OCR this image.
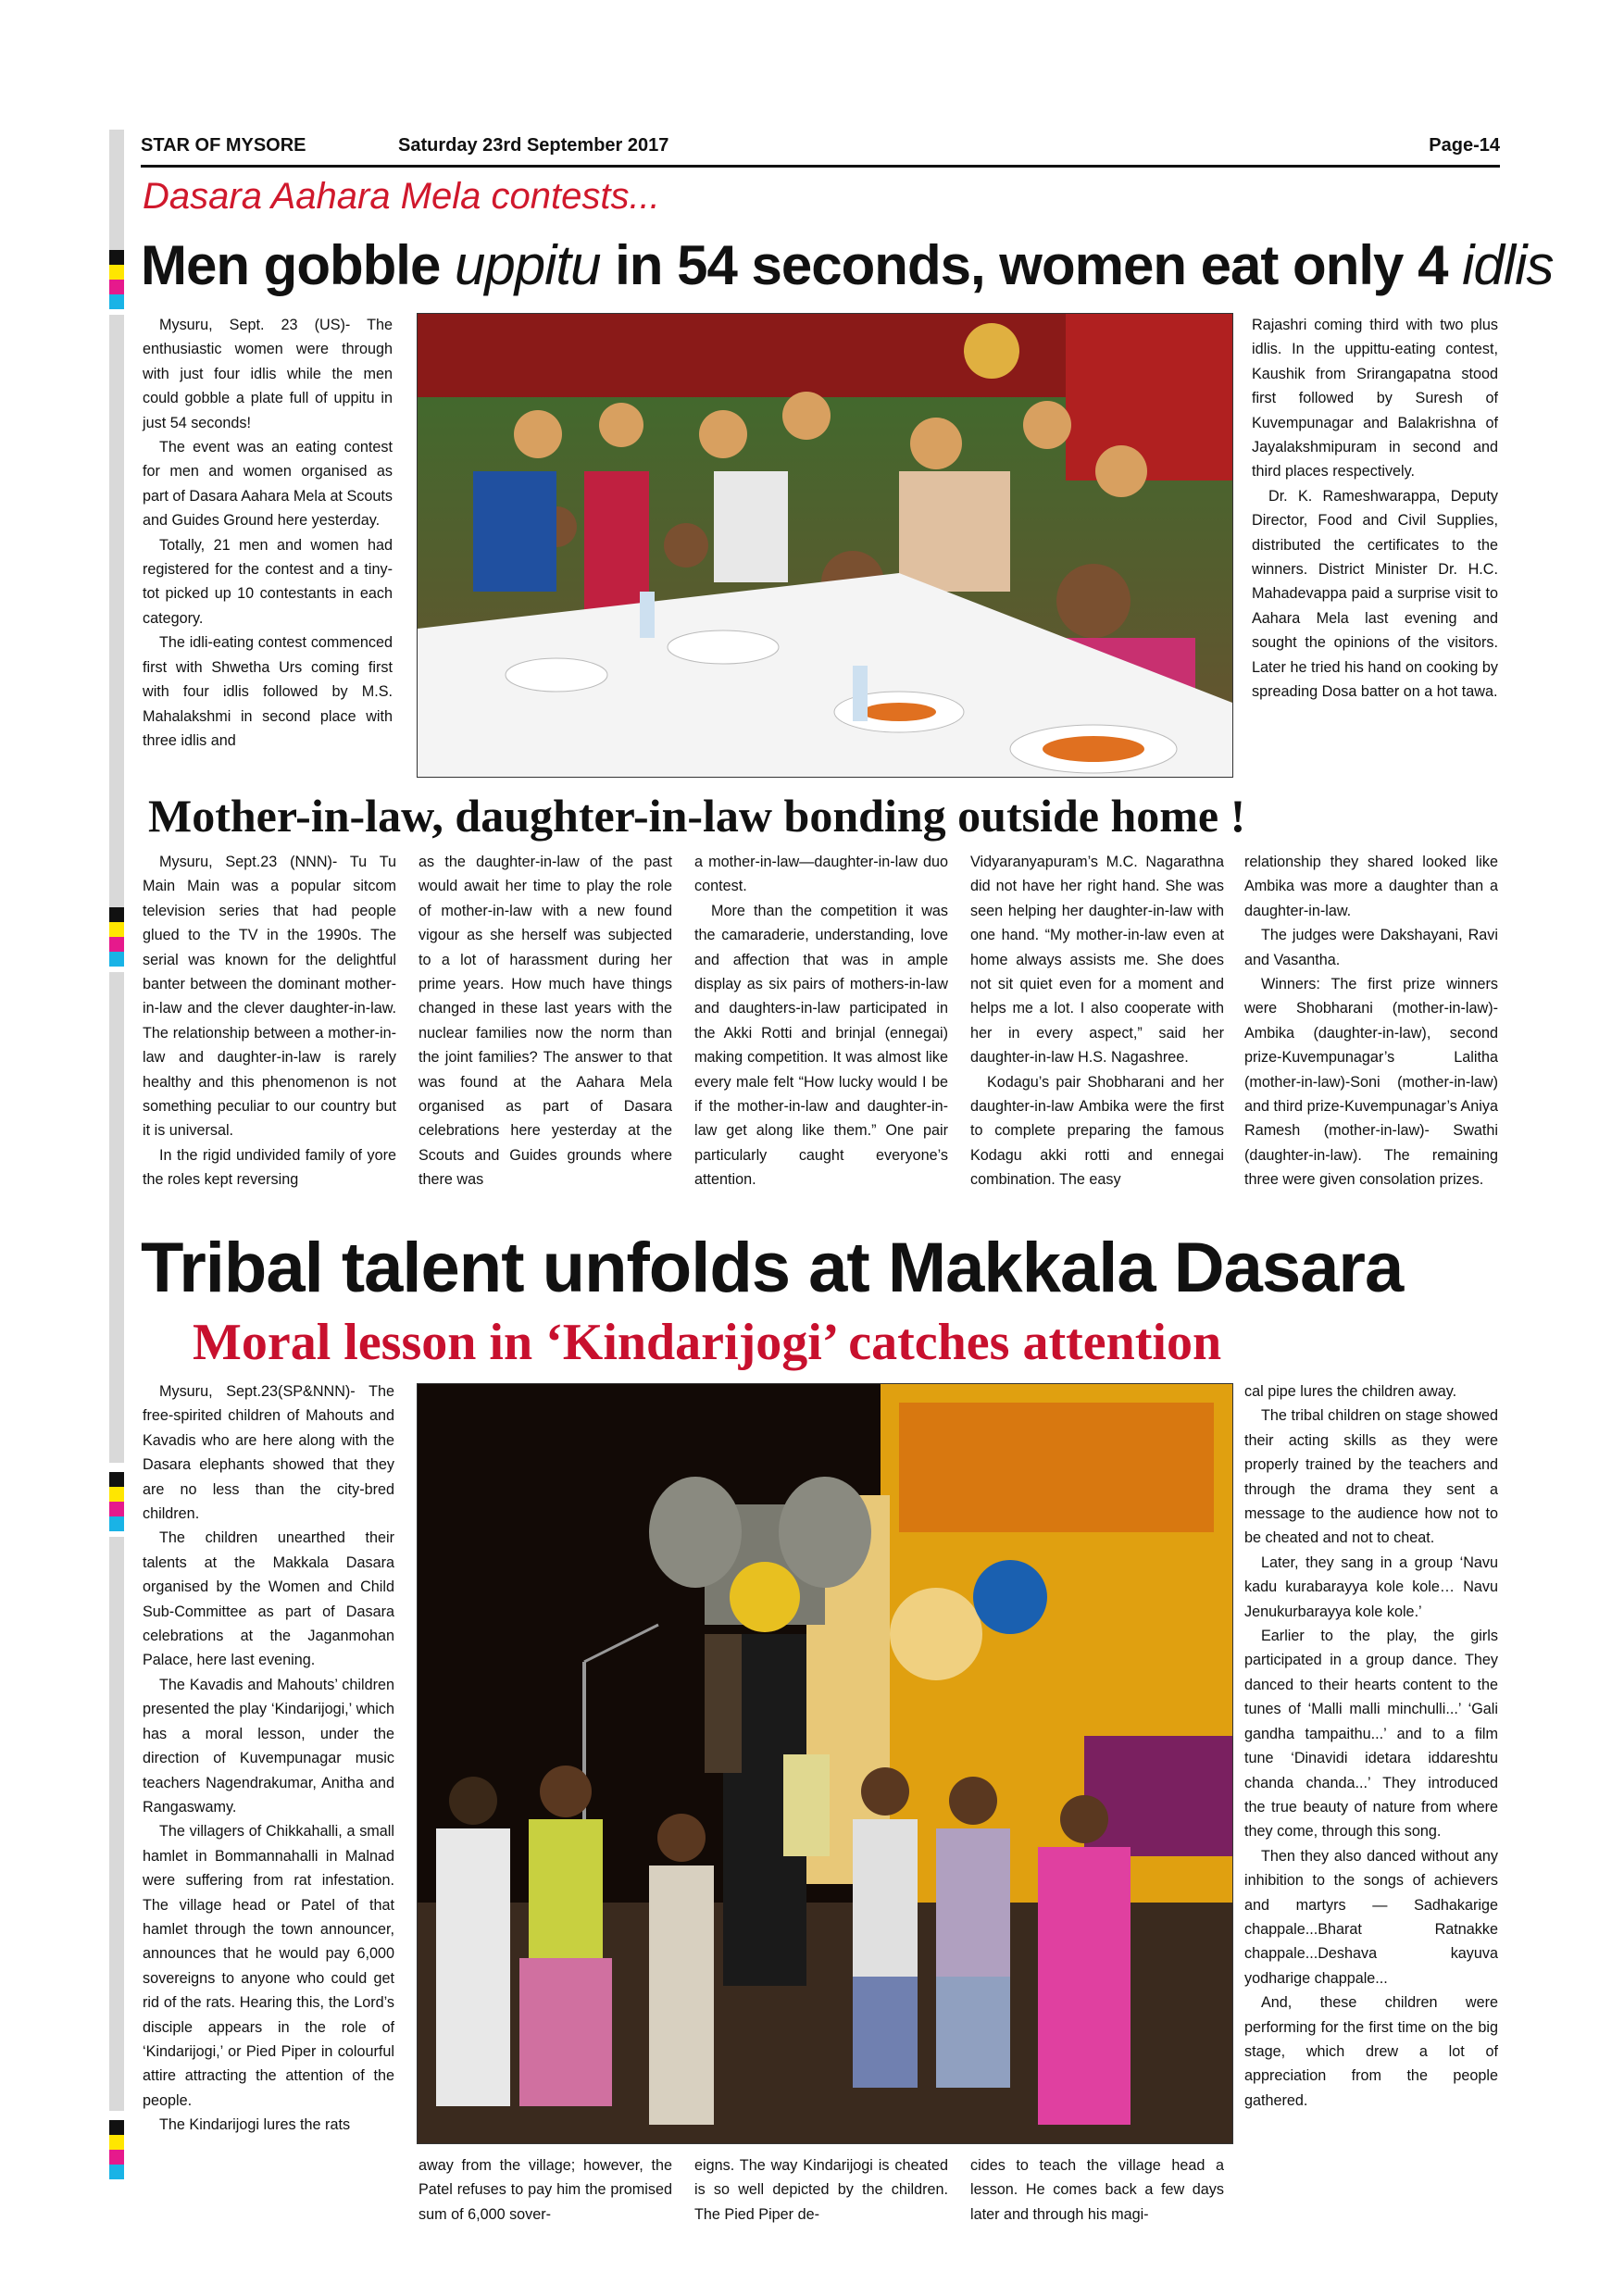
STAR OF MYSORE	Saturday 23rd September 2017	Page-14
Dasara Aahara Mela contests...
Men gobble uppitu in 54 seconds, women eat only 4 idlis

Mysuru, Sept. 23 (US)- The enthusiastic women were through with just four idlis while the men could gobble a plate full of uppitu in just 54 seconds!

The event was an eating contest for men and women organised as part of Dasara Aahara Mela at Scouts and Guides Ground here yesterday.

Totally, 21 men and women had registered for the contest and a tiny-tot picked up 10 contestants in each category.

The idli-eating contest commenced first with Shwetha Urs coming first with four idlis followed by M.S. Mahalakshmi in second place with three idlis and

Rajashri coming third with two plus idlis. In the uppittu-eating contest, Kaushik from Srirangapatna stood first followed by Suresh of Kuvempunagar and Balakrishna of Jayalakshmipuram in second and third places respectively.

Dr. K. Rameshwarappa, Deputy Director, Food and Civil Supplies, distributed the certificates to the winners. District Minister Dr. H.C. Mahadevappa paid a surprise visit to Aahara Mela last evening and sought the opinions of the visitors. Later he tried his hand on cooking by spreading Dosa batter on a hot tawa.

Mother-in-law, daughter-in-law bonding outside home !

Mysuru, Sept.23 (NNN)- Tu Tu Main Main was a popular sitcom television series that had people glued to the TV in the 1990s. The serial was known for the delightful banter between the dominant mother-in-law and the clever daughter-in-law. The relationship between a mother-in-law and daughter-in-law is rarely healthy and this phenomenon is not something peculiar to our country but it is universal.

In the rigid undivided family of yore the roles kept reversing

as the daughter-in-law of the past would await her time to play the role of mother-in-law with a new found vigour as she herself was subjected to a lot of harassment during her prime years. How much have things changed in these last years with the nuclear families now the norm than the joint families? The answer to that was found at the Aahara Mela organised as part of Dasara celebrations here yesterday at the Scouts and Guides grounds where there was

a mother-in-law—daughter-in-law duo contest.

More than the competition it was the camaraderie, understanding, love and affection that was in ample display as six pairs of mothers-in-law and daughters-in-law participated in the Akki Rotti and brinjal (ennegai) making competition. It was almost like every male felt “How lucky would I be if the mother-in-law and daughter-in-law get along like them.” One pair particularly caught everyone’s attention.

Vidyaranyapuram’s M.C. Nagarathna did not have her right hand. She was seen helping her daughter-in-law with one hand. “My mother-in-law even at home always assists me. She does not sit quiet even for a moment and helps me a lot. I also cooperate with her in every aspect,” said her daughter-in-law H.S. Nagashree.

Kodagu’s pair Shobharani and her daughter-in-law Ambika were the first to complete preparing the famous Kodagu akki rotti and ennegai combination. The easy

relationship they shared looked like Ambika was more a daughter than a daughter-in-law.

The judges were Dakshayani, Ravi and Vasantha.

Winners: The first prize winners were Shobharani (mother-in-law)-Ambika (daughter-in-law), second prize-Kuvempunagar’s Lalitha (mother-in-law)-Soni (mother-in-law) and third prize-Kuvempunagar’s Aniya Ramesh (mother-in-law)- Swathi (daughter-in-law). The remaining three were given consolation prizes.

Tribal talent unfolds at Makkala Dasara
Moral lesson in ‘Kindarijogi’ catches attention

Mysuru, Sept.23(SP&NNN)- The free-spirited children of Mahouts and Kavadis who are here along with the Dasara elephants showed that they are no less than the city-bred children.

The children unearthed their talents at the Makkala Dasara organised by the Women and Child Sub-Committee as part of Dasara celebrations at the Jaganmohan Palace, here last evening.

The Kavadis and Mahouts’ children presented the play ‘Kindarijogi,’ which has a moral lesson, under the direction of Kuvempunagar music teachers Nagendrakumar, Anitha and Rangaswamy.

The villagers of Chikkahalli, a small hamlet in Bommannahalli in Malnad were suffering from rat infestation. The village head or Patel of that hamlet through the town announcer, announces that he would pay 6,000 sovereigns to anyone who could get rid of the rats. Hearing this, the Lord’s disciple appears in the role of ‘Kindarijogi,’ or Pied Piper in colourful attire attracting the attention of the people.

The Kindarijogi lures the rats

away from the village; however, the Patel refuses to pay him the promised sum of 6,000 sover-

eigns. The way Kindarijogi is cheated is so well depicted by the children. The Pied Piper de-

cides to teach the village head a lesson. He comes back a few days later and through his magi-

cal pipe lures the children away.

The tribal children on stage showed their acting skills as they were properly trained by the teachers and through the drama they sent a message to the audience how not to be cheated and not to cheat.

Later, they sang in a group ‘Navu kadu kurabarayya kole kole… Navu Jenukurbarayya kole kole.’

Earlier to the play, the girls participated in a group dance. They danced to their hearts content to the tunes of ‘Malli malli minchulli...’ ‘Gali gandha tampaithu...’ and to a film tune ‘Dinavidi idetara iddareshtu chanda chanda...’ They introduced the true beauty of nature from where they come, through this song.

Then they also danced without any inhibition to the songs of achievers and martyrs — Sadhakarige chappale...Bharat Ratnakke chappale...Deshava kayuva yodharige chappale...

And, these children were performing for the first time on the big stage, which drew a lot of appreciation from the people gathered.
